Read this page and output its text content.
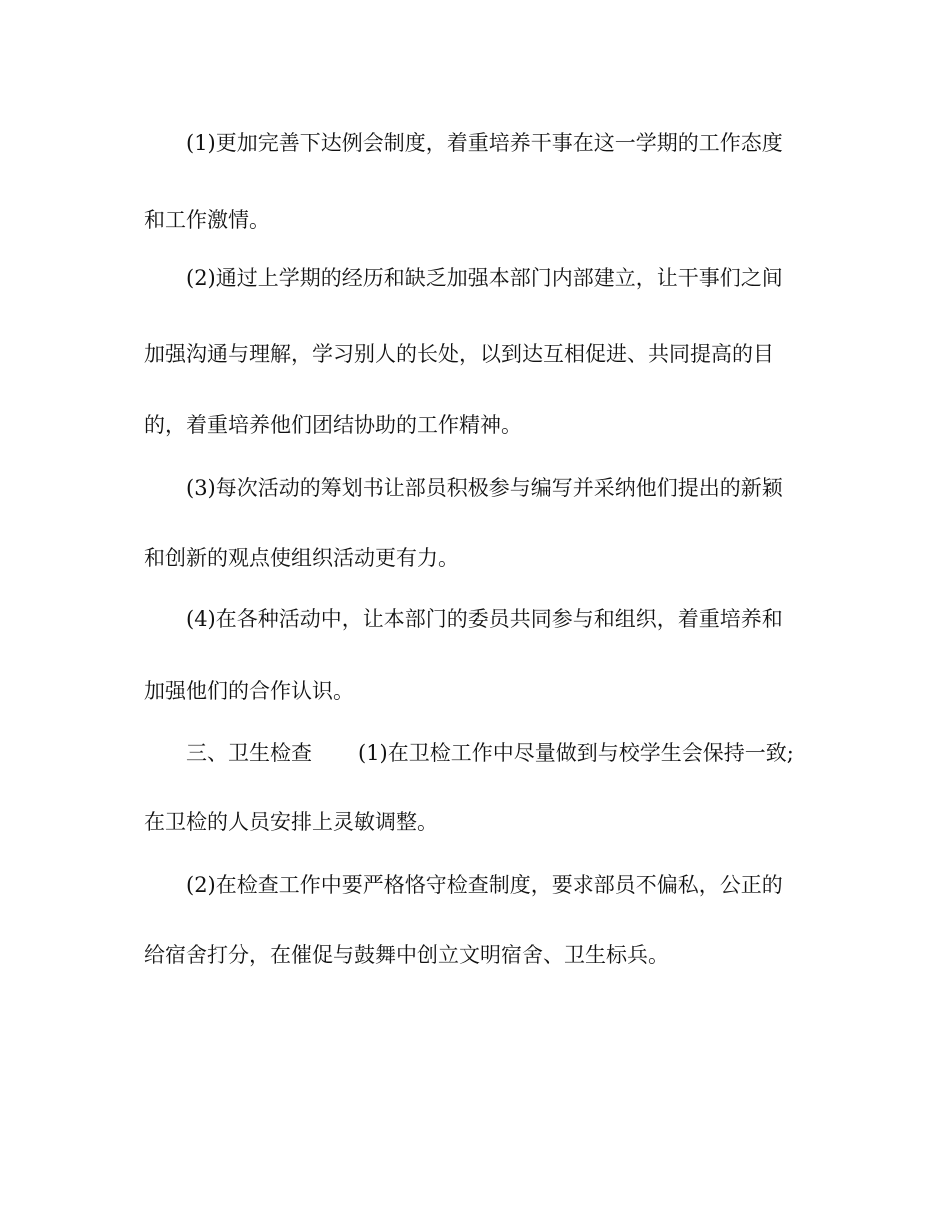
(1)更加完善下达例会制度，着重培养干事在这一学期的工作态度

和工作激情。

(2)通过上学期的经历和缺乏加强本部门内部建立，让干事们之间

加强沟通与理解，学习别人的长处，以到达互相促进、共同提高的目

的，着重培养他们团结协助的工作精神。

(3)每次活动的筹划书让部员积极参与编写并采纳他们提出的新颖

和创新的观点使组织活动更有力。

(4)在各种活动中，让本部门的委员共同参与和组织，着重培养和

加强他们的合作认识。

三、卫生检查 (1)在卫检工作中尽量做到与校学生会保持一致;

在卫检的人员安排上灵敏调整。

(2)在检查工作中要严格恪守检查制度，要求部员不偏私，公正的

给宿舍打分，在催促与鼓舞中创立文明宿舍、卫生标兵。
